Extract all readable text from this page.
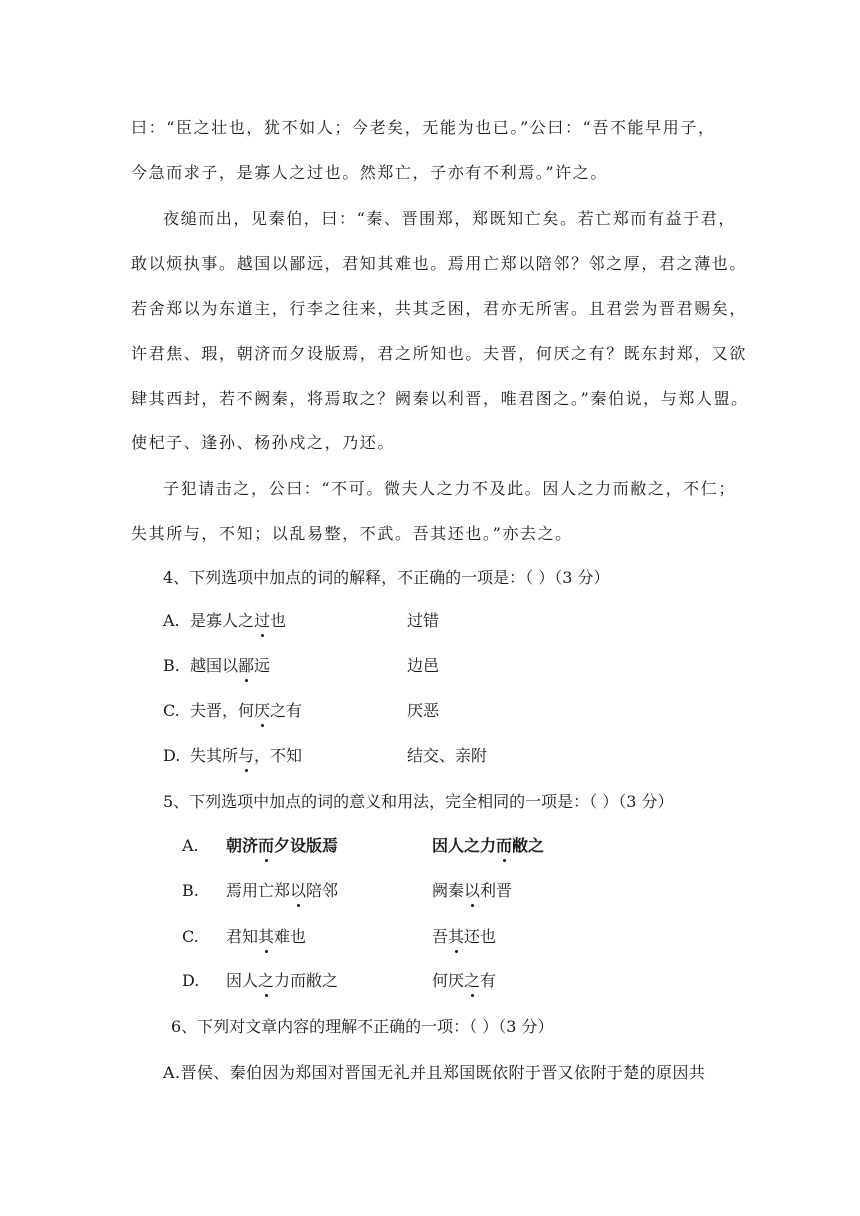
曰：“臣之壮也，犹不如人；今老矣，无能为也已。”公曰：“吾不能早用子，
今急而求子，是寡人之过也。然郑亡，子亦有不利焉。”许之。
夜缒而出，见秦伯，曰：“秦、晋围郑，郑既知亡矣。若亡郑而有益于君，
敢以烦执事。越国以鄙远，君知其难也。焉用亡郑以陪邻？邻之厚，君之薄也。
若舍郑以为东道主，行李之往来，共其乏困，君亦无所害。且君尝为晋君赐矣，
许君焦、瑕，朝济而夕设版焉，君之所知也。夫晋，何厌之有？既东封郑，又欲
肆其西封，若不阙秦，将焉取之？阙秦以利晋，唯君图之。”秦伯说，与郑人盟。
使杞子、逢孙、杨孙戍之，乃还。
子犯请击之，公曰：“不可。微夫人之力不及此。因人之力而敝之，不仁；
失其所与，不知；以乱易整，不武。吾其还也。”亦去之。
4、下列选项中加点的词的解释，不正确的一项是：（ ）（3 分）
A. 是寡人之过也	过错
B. 越国以鄙远	边邑
C. 夫晋，何厌之有	厌恶
D. 失其所与，不知	结交、亲附
5、下列选项中加点的词的意义和用法，完全相同的一项是：（ ）（3 分）
A. 朝济而夕设版焉	因人之力而敝之
B. 焉用亡郑以陪邻	阙秦以利晋
C. 君知其难也	吾其还也
D. 因人之力而敝之	何厌之有
6、下列对文章内容的理解不正确的一项：（ ）（3 分）
A.晋侯、秦伯因为郑国对晋国无礼并且郑国既依附于晋又依附于楚的原因共
